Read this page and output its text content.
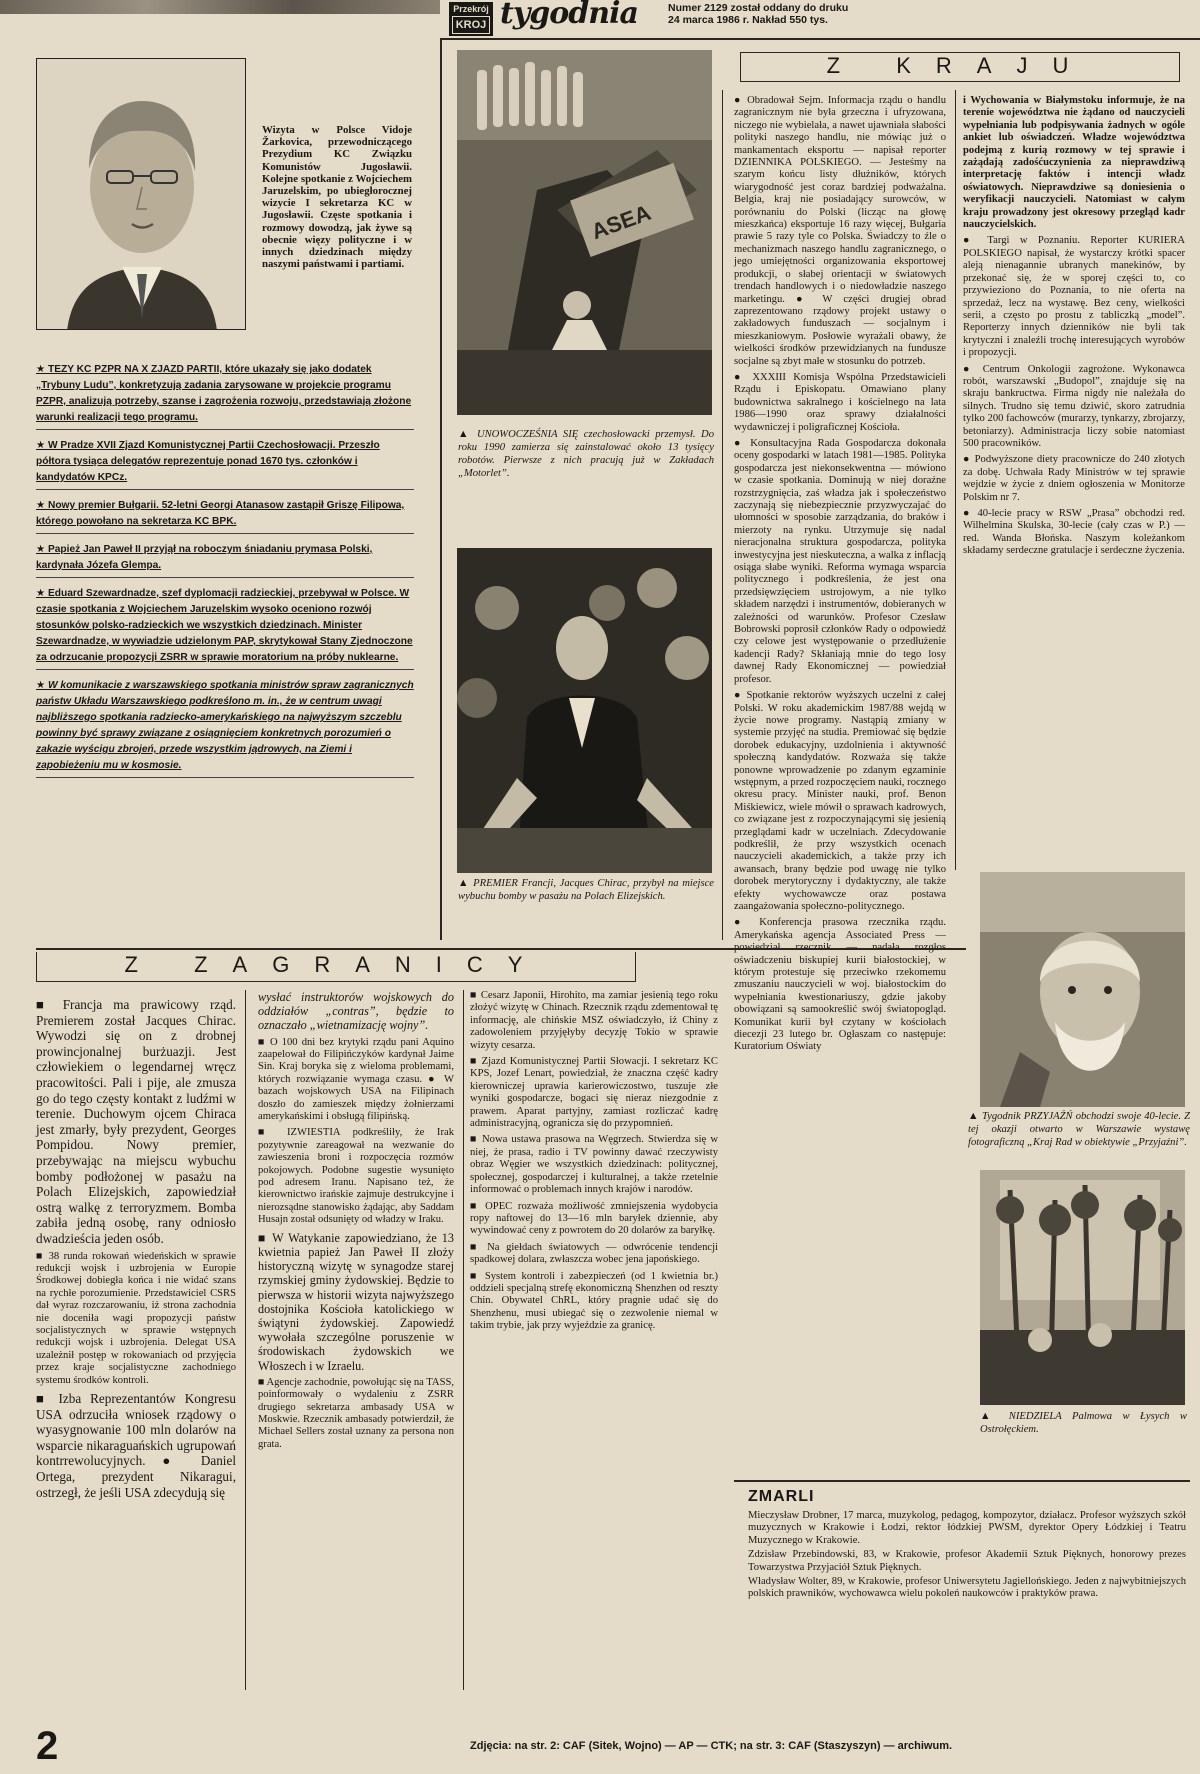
Przekrój
KROJ tygodnia	Numer 2129 został oddany do druku
24 marca 1986 r. Nakład 550 tys.

Wizyta w Polsce Vidoje Žarkovica, przewodniczącego Prezydium KC Związku Komunistów Jugosławii. Kolejne spotkanie z Wojciechem Jaruzelskim, po ubiegłorocznej wizycie I sekretarza KC w Jugosławii. Częste spotkania i rozmowy dowodzą, jak żywe są obecnie więzy polityczne i w innych dziedzinach między naszymi państwami i partiami.

★ TEZY KC PZPR NA X ZJAZD PARTII, które ukazały się jako dodatek „Trybuny Ludu”, konkretyzują zadania zarysowane w projekcie programu PZPR, analizują potrzeby, szanse i zagrożenia rozwoju, przedstawiają złożone warunki realizacji tego programu.
★ W Pradze XVII Zjazd Komunistycznej Partii Czechosłowacji. Przeszło półtora tysiąca delegatów reprezentuje ponad 1670 tys. członków i kandydatów KPCz.
★ Nowy premier Bułgarii. 52-letni Georgi Atanasow zastąpił Griszę Filipowa, którego powołano na sekretarza KC BPK.
★ Papież Jan Paweł II przyjął na roboczym śniadaniu prymasa Polski, kardynała Józefa Glempa.
★ Eduard Szewardnadze, szef dyplomacji radzieckiej, przebywał w Polsce. W czasie spotkania z Wojciechem Jaruzelskim wysoko oceniono rozwój stosunków polsko-radzieckich we wszystkich dziedzinach. Minister Szewardnadze, w wywiadzie udzielonym PAP, skrytykował Stany Zjednoczone za odrzucanie propozycji ZSRR w sprawie moratorium na próby nuklearne.
★ W komunikacie z warszawskiego spotkania ministrów spraw zagranicznych państw Układu Warszawskiego podkreślono m. in., że w centrum uwagi najbliższego spotkania radziecko-amerykańskiego na najwyższym szczeblu powinny być sprawy związane z osiągnięciem konkretnych porozumień o zakazie wyścigu zbrojeń, przede wszystkim jądrowych, na Ziemi i zapobieżeniu mu w kosmosie.
ASEA

▲ UNOWOCZEŚNIA SIĘ czechosłowacki przemysł. Do roku 1990 zamierza się zainstalować około 13 tysięcy robotów. Pierwsze z nich pracują już w Zakładach „Motorlet”.

▲ PREMIER Francji, Jacques Chirac, przybył na miejsce wybuchu bomby w pasażu na Polach Elizejskich.

Z KRAJU

● Obradował Sejm. Informacja rządu o handlu zagranicznym nie była grzeczna i ufryzowana, niczego nie wybielała, a nawet ujawniała słabości polityki naszego handlu, nie mówiąc już o mankamentach eksportu — napisał reporter DZIENNIKA POLSKIEGO. — Jesteśmy na szarym końcu listy dłużników, których wiarygodność jest coraz bardziej podważalna. Belgia, kraj nie posiadający surowców, w porównaniu do Polski (licząc na głowę mieszkańca) eksportuje 16 razy więcej, Bułgaria prawie 5 razy tyle co Polska. Świadczy to źle o mechanizmach naszego handlu zagranicznego, o jego umiejętności organizowania eksportowej produkcji, o słabej orientacji w światowych trendach handlowych i o niedowładzie naszego marketingu. ● W części drugiej obrad zaprezentowano rządowy projekt ustawy o zakładowych funduszach — socjalnym i mieszkaniowym. Posłowie wyrażali obawy, że wielkości środków przewidzianych na fundusze socjalne są zbyt małe w stosunku do potrzeb.

● XXXIII Komisja Wspólna Przedstawicieli Rządu i Episkopatu. Omawiano plany budownictwa sakralnego i kościelnego na lata 1986—1990 oraz sprawy działalności wydawniczej i poligraficznej Kościoła.

● Konsultacyjna Rada Gospodarcza dokonała oceny gospodarki w latach 1981—1985. Polityka gospodarcza jest niekonsekwentna — mówiono w czasie spotkania. Dominują w niej doraźne rozstrzygnięcia, zaś władza jak i społeczeństwo zaczynają się niebezpiecznie przyzwyczajać do ułomności w sposobie zarządzania, do braków i mierzoty na rynku. Utrzymuje się nadal nieracjonalna struktura gospodarcza, polityka inwestycyjna jest nieskuteczna, a walka z inflacją osiąga słabe wyniki. Reforma wymaga wsparcia politycznego i podkreślenia, że jest ona przedsięwzięciem ustrojowym, a nie tylko składem narzędzi i instrumentów, dobieranych w zależności od warunków. Profesor Czesław Bobrowski poprosił członków Rady o odpowiedź czy celowe jest występowanie o przedłużenie kadencji Rady? Skłaniają mnie do tego losy dawnej Rady Ekonomicznej — powiedział profesor.

● Spotkanie rektorów wyższych uczelni z całej Polski. W roku akademickim 1987/88 wejdą w życie nowe programy. Nastąpią zmiany w systemie przyjęć na studia. Premiować się będzie dorobek edukacyjny, uzdolnienia i aktywność społeczną kandydatów. Rozważa się także ponowne wprowadzenie po zdanym egzaminie wstępnym, a przed rozpoczęciem nauki, rocznego okresu pracy. Minister nauki, prof. Benon Miśkiewicz, wiele mówił o sprawach kadrowych, co związane jest z rozpoczynającymi się jesienią przeglądami kadr w uczelniach. Zdecydowanie podkreślił, że przy wszystkich ocenach nauczycieli akademickich, a także przy ich awansach, brany będzie pod uwagę nie tylko dorobek merytoryczny i dydaktyczny, ale także efekty wychowawcze oraz postawa zaangażowania społeczno-politycznego.

● Konferencja prasowa rzecznika rządu. Amerykańska agencja Associated Press — oświadczeniu biskupiej kurii białostockiej, w którym protestuje się przeciwko rzekomemu zmuszaniu nauczycieli w woj. białostockim do wypełniania kwestionariuszy, gdzie jakoby obowiązani są samookreślić swój światopogląd. Komunikat kurii był czytany w kościołach diecezji 23 lutego br. Ogłaszam co następuje: Kuratorium Oświaty

i Wychowania w Białymstoku informuje, że na terenie województwa nie żądano od nauczycieli wypełniania lub podpisywania żadnych w ogóle ankiet lub oświadczeń. Władze województwa podejmą z kurią rozmowy w tej sprawie i zażądają zadośćuczynienia za nieprawdziwą interpretację faktów i intencji władz oświatowych. Nieprawdziwe są doniesienia o weryfikacji nauczycieli. Natomiast w całym kraju prowadzony jest okresowy przegląd kadr nauczycielskich.

● Targi w Poznaniu. Reporter KURIERA POLSKIEGO napisał, że wystarczy krótki spacer aleją nienagannie ubranych manekinów, by przekonać się, że w sporej części to, co przywieziono do Poznania, to nie oferta na sprzedaż, lecz na wystawę. Bez ceny, wielkości serii, a często po prostu z tabliczką „model”. Reporterzy innych dzienników nie byli tak krytyczni i znaleźli trochę interesujących wyrobów i propozycji.

● Centrum Onkologii zagrożone. Wykonawca robót, warszawski „Budopol”, znajduje się na skraju bankructwa. Firma nigdy nie należała do silnych. Trudno się temu dziwić, skoro zatrudnia tylko 200 fachowców (murarzy, tynkarzy, zbrojarzy, betoniarzy). Administracja liczy sobie natomiast 500 pracowników.

● Podwyższone diety pracownicze do 240 złotych za dobę. Uchwała Rady Ministrów w tej sprawie wejdzie w życie z dniem ogłoszenia w Monitorze Polskim nr 7.

● 40-lecie pracy w RSW „Prasa” obchodzi red. Wilhelmina Skulska, 30-lecie (cały czas w P.) — red. Wanda Błońska. Naszym koleżankom składamy serdeczne gratulacje i serdeczne życzenia.

▲ Tygodnik PRZYJAŹŃ obchodzi swoje 40-lecie. Z tej okazji otwarto w Warszawie wystawę fotograficzną „Kraj Rad w obiektywie „Przyjaźni”.

▲ NIEDZIELA Palmowa w Łysych w Ostrołęckiem.

Z ZAGRANICY

■ Francja ma prawicowy rząd. Premierem został Jacques Chirac. Wywodzi się on z drobnej prowincjonalnej burżuazji. Jest człowiekiem o legendarnej wręcz pracowitości. Pali i pije, ale zmusza go do tego częsty kontakt z ludźmi w terenie. Duchowym ojcem Chiraca jest zmarły, były prezydent, Georges Pompidou. Nowy premier, przebywając na miejscu wybuchu bomby podłożonej w pasażu na Polach Elizejskich, zapowiedział ostrą walkę z terroryzmem. Bomba zabiła jedną osobę, rany odniosło dwadzieścia jeden osób.

■ 38 runda rokowań wiedeńskich w sprawie redukcji wojsk i uzbrojenia w Europie Środkowej dobiegła końca i nie widać szans na rychłe porozumienie. Przedstawiciel CSRS dał wyraz rozczarowaniu, iż strona zachodnia nie doceniła wagi propozycji państw socjalistycznych w sprawie wstępnych redukcji wojsk i uzbrojenia. Delegat USA uzależnił postęp w rokowaniach od przyjęcia przez kraje socjalistyczne zachodniego systemu środków kontroli.

■ Izba Reprezentantów Kongresu USA odrzuciła wniosek rządowy o wyasygnowanie 100 mln dolarów na wsparcie nikaraguańskich ugrupowań kontrrewolucyjnych. ● Daniel Ortega, prezydent Nikaragui, ostrzegł, że jeśli USA zdecydują się

wysłać instruktorów wojskowych do oddziałów „contras”, będzie to oznaczało „wietnamizację wojny”.

■ O 100 dni bez krytyki rządu pani Aquino zaapelował do Filipińczyków kardynał Jaime Sin. Kraj boryka się z wieloma problemami, których rozwiązanie wymaga czasu. ● W bazach wojskowych USA na Filipinach doszło do zamieszek między żołnierzami amerykańskimi i obsługą filipińską.

■ IZWIESTIA podkreśliły, że Irak pozytywnie zareagował na wezwanie do zawieszenia broni i rozpoczęcia rozmów pokojowych. Podobne sugestie wysunięto pod adresem Iranu. Napisano też, że kierownictwo irańskie zajmuje destrukcyjne i nierozsądne stanowisko żądając, aby Saddam Husajn został odsunięty od władzy w Iraku.

■ W Watykanie zapowiedziano, że 13 kwietnia papież Jan Paweł II złoży historyczną wizytę w synagodze starej rzymskiej gminy żydowskiej. Będzie to pierwsza w historii wizyta najwyższego dostojnika Kościoła katolickiego w świątyni żydowskiej. Zapowiedź wywołała szczególne poruszenie w środowiskach żydowskich we Włoszech i w Izraelu.

■ Agencje zachodnie, powołując się na TASS, poinformowały o wydaleniu z ZSRR drugiego sekretarza ambasady USA w Moskwie. Rzecznik ambasady potwierdził, że Michael Sellers został uznany za persona non grata.

■ Cesarz Japonii, Hirohito, ma zamiar jesienią tego roku złożyć wizytę w Chinach. Rzecznik rządu zdementował tę informację, ale chińskie MSZ oświadczyło, iż Chiny z zadowoleniem przyjęłyby decyzję Tokio w sprawie wizyty cesarza.

■ Zjazd Komunistycznej Partii Słowacji. I sekretarz KC KPS, Jozef Lenart, powiedział, że znaczna część kadry kierowniczej uprawia karierowiczostwo, tuszuje złe wyniki gospodarcze, bogaci się nieraz niezgodnie z prawem. Aparat partyjny, zamiast rozliczać kadrę administracyjną, ogranicza się do przypomnień.

■ Nowa ustawa prasowa na Węgrzech. Stwierdza się w niej, że prasa, radio i TV powinny dawać rzeczywisty obraz Węgier we wszystkich dziedzinach: politycznej, społecznej, gospodarczej i kulturalnej, a także rzetelnie informować o problemach innych krajów i narodów.

■ OPEC rozważa możliwość zmniejszenia wydobycia ropy naftowej do 13—16 mln baryłek dziennie, aby wywindować ceny z powrotem do 20 dolarów za baryłkę.

■ Na giełdach światowych — odwrócenie tendencji spadkowej dolara, zwłaszcza wobec jena japońskiego.

■ System kontroli i zabezpieczeń (od 1 kwietnia br.) oddzieli specjalną strefę ekonomiczną Shenzhen od reszty Chin. Obywatel ChRL, który pragnie udać się do Shenzhenu, musi ubiegać się o zezwolenie niemal w takim trybie, jak przy wyjeździe za granicę.

ZMARLI

Mieczysław Drobner, 17 marca, muzykolog, pedagog, kompozytor, działacz. Profesor wyższych szkół muzycznych w Krakowie i Łodzi, rektor łódzkiej PWSM, dyrektor Opery Łódzkiej i Teatru Muzycznego w Krakowie.

Zdzisław Przebindowski, 83, w Krakowie, profesor Akademii Sztuk Pięknych, honorowy prezes Towarzystwa Przyjaciół Sztuk Pięknych.

Władysław Wolter, 89, w Krakowie, profesor Uniwersytetu Jagiellońskiego. Jeden z najwybitniejszych polskich prawników, wychowawca wielu pokoleń naukowców i praktyków prawa.

2	Zdjęcia: na str. 2: CAF (Sitek, Wojno) — AP — CTK; na str. 3: CAF (Staszyszyn) — archiwum.
